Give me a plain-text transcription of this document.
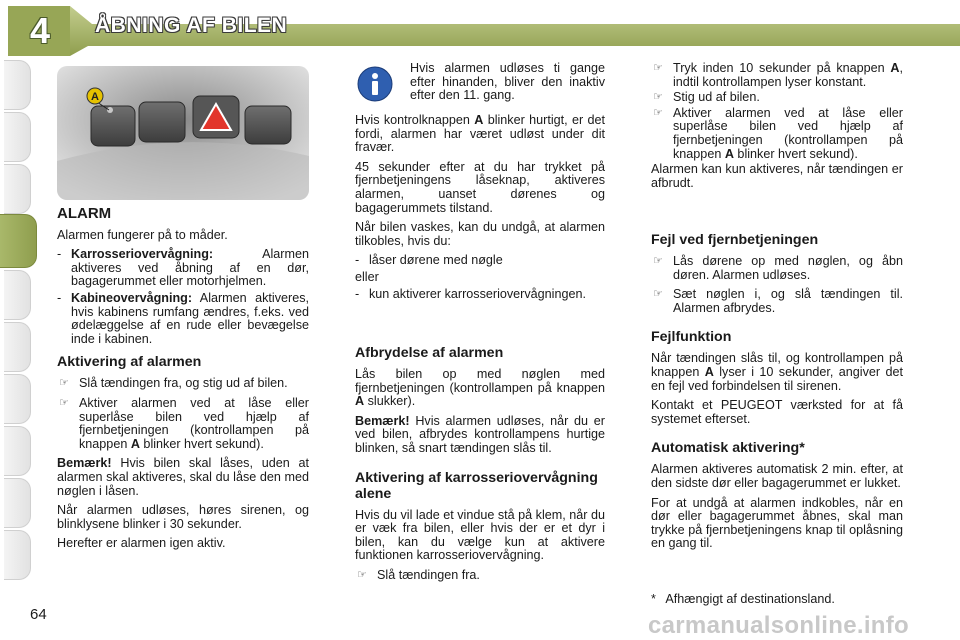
4	ÅBNING AF BILEN
A
ALARM

Alarmen fungerer på to måder.

- Karrosseriovervågning: Alarmen aktiveres ved åbning af en dør, bagagerummet eller motorhjelmen.
- Kabineovervågning: Alarmen aktiveres, hvis kabinens rumfang ændres, f.eks. ved ødelæggelse af en rude eller bevægelse inde i kabinen.
Aktivering af alarmen
☞ Slå tændingen fra, og stig ud af bilen.
☞ Aktiver alarmen ved at låse eller superlåse bilen ved hjælp af fjernbetjeningen (kontrollampen på knappen A blinker hvert sekund).

Bemærk! Hvis bilen skal låses, uden at alarmen skal aktiveres, skal du låse den med nøglen i låsen.

Når alarmen udløses, høres sirenen, og blinklysene blinker i 30 sekunder.

Herefter er alarmen igen aktiv.

Hvis alarmen udløses ti gange efter hinanden, bliver den inaktiv efter den 11. gang.

Hvis kontrolknappen A blinker hurtigt, er det fordi, alarmen har været udløst under dit fravær.

45 sekunder efter at du har trykket på fjernbetjeningens låseknap, aktiveres alarmen, uanset dørenes og bagagerummets tilstand.

Når bilen vaskes, kan du undgå, at alarmen tilkobles, hvis du:

- låser dørene med nøgle
eller
- kun aktiverer karrosseriovervågningen.
Afbrydelse af alarmen

Lås bilen op med nøglen med fjernbetjeningen (kontrollampen på knappen A slukker).

Bemærk! Hvis alarmen udløses, når du er ved bilen, afbrydes kontrollampens hurtige blinken, så snart tændingen slås til.

Aktivering af karrosseriovervågning alene

Hvis du vil lade et vindue stå på klem, når du er væk fra bilen, eller hvis der er et dyr i bilen, kan du vælge kun at aktivere funktionen karrosseriovervågning.

☞ Slå tændingen fra.
☞ Tryk inden 10 sekunder på knappen A, indtil kontrollampen lyser konstant.
☞ Stig ud af bilen.
☞ Aktiver alarmen ved at låse eller superlåse bilen ved hjælp af fjernbetjeningen (kontrollampen på knappen A blinker hvert sekund).

Alarmen kan kun aktiveres, når tændingen er afbrudt.

Fejl ved fjernbetjeningen
☞ Lås dørene op med nøglen, og åbn døren. Alarmen udløses.
☞ Sæt nøglen i, og slå tændingen til. Alarmen afbrydes.
Fejlfunktion

Når tændingen slås til, og kontrollampen på knappen A lyser i 10 sekunder, angiver det en fejl ved forbindelsen til sirenen.

Kontakt et PEUGEOT værksted for at få systemet efterset.

Automatisk aktivering*

Alarmen aktiveres automatisk 2 min. efter, at den sidste dør eller bagagerummet er lukket.

For at undgå at alarmen indkobles, når en dør eller bagagerummet åbnes, skal man trykke på fjernbetjeningens knap til oplåsning en gang til.

* Afhængigt af destinationsland.
64	carmanualsonline.info
